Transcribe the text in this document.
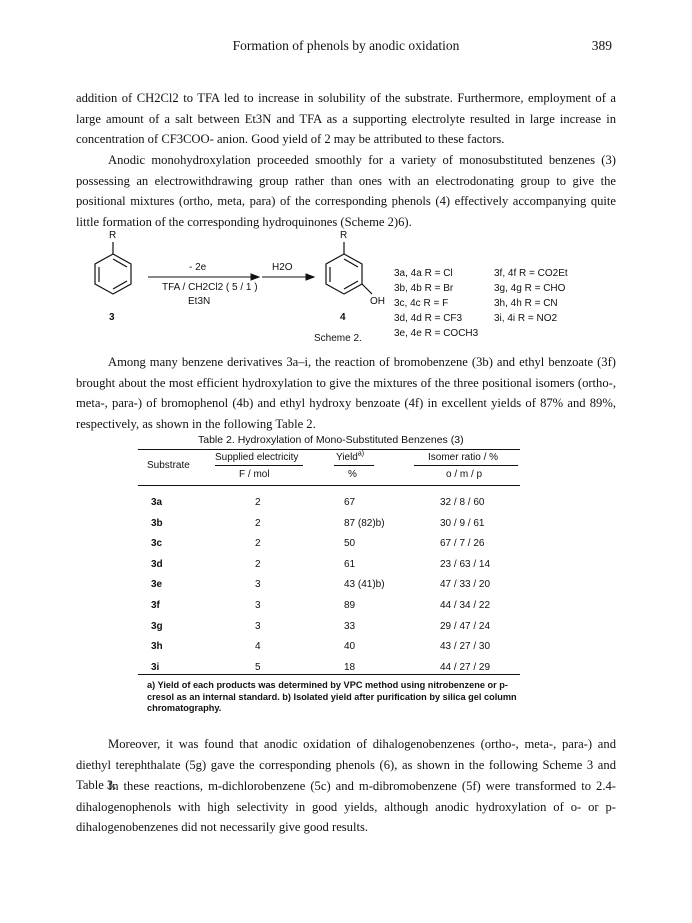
Formation of phenols by anodic oxidation	389

addition of CH2Cl2 to TFA led to increase in solubility of the substrate. Furthermore, employment of a large amount of a salt between Et3N and TFA as a supporting electrolyte resulted in large increase in concentration of CF3COO- anion. Good yield of 2 may be attributed to these factors.

Anodic monohydroxylation proceeded smoothly for a variety of monosubstituted benzenes (3) possessing an electrowithdrawing group rather than ones with an electrodonating group to give the positional mixtures (ortho, meta, para) of the corresponding phenols (4) effectively accompanying quite little formation of the corresponding hydroquinones (Scheme 2)6).

R	R
3	4
OH
- 2e
TFA / CH2Cl2 ( 5 / 1 )
Et3N
H2O
Scheme 2.
3a, 4a R = Cl
3b, 4b R = Br
3c, 4c R = F
3d, 4d R = CF3
3e, 4e R = COCH3
3f, 4f R = CO2Et
3g, 4g R = CHO
3h, 4h R = CN
3i, 4i R = NO2

Among many benzene derivatives 3a–i, the reaction of bromobenzene (3b) and ethyl benzoate (3f) brought about the most efficient hydroxylation to give the mixtures of the three positional isomers (ortho-, meta-, para-) of bromophenol (4b) and ethyl hydroxy benzoate (4f) in excellent yields of 87% and 89%, respectively, as shown in the following Table 2.

Table 2. Hydroxylation of Mono-Substituted Benzenes (3)
Substrate
Supplied electricity	Yield$^{a)}$	Isomer ratio / %
F / mol	%	o / m / p
3a	2	67	32 / 8 / 60
3b	2	87 (82)b)	30 / 9 / 61
3c	2	50	67 / 7 / 26
3d	2	61	23 / 63 / 14
3e	3	43 (41)b)	47 / 33 / 20
3f	3	89	44 / 34 / 22
3g	3	33	29 / 47 / 24
3h	4	40	43 / 27 / 30
3i	5	18	44 / 27 / 29
a) Yield of each products was determined by VPC method using nitrobenzene or p-cresol as an internal standard. b) Isolated yield after purification by silica gel column chromatography.

Moreover, it was found that anodic oxidation of dihalogenobenzenes (ortho-, meta-, para-) and diethyl terephthalate (5g) gave the corresponding phenols (6), as shown in the following Scheme 3 and Table 3.

In these reactions, m-dichlorobenzene (5c) and m-dibromobenzene (5f) were transformed to 2.4-dihalogenophenols with high selectivity in good yields, although anodic hydroxylation of o- or p-dihalogenobenzenes did not necessarily give good results.
